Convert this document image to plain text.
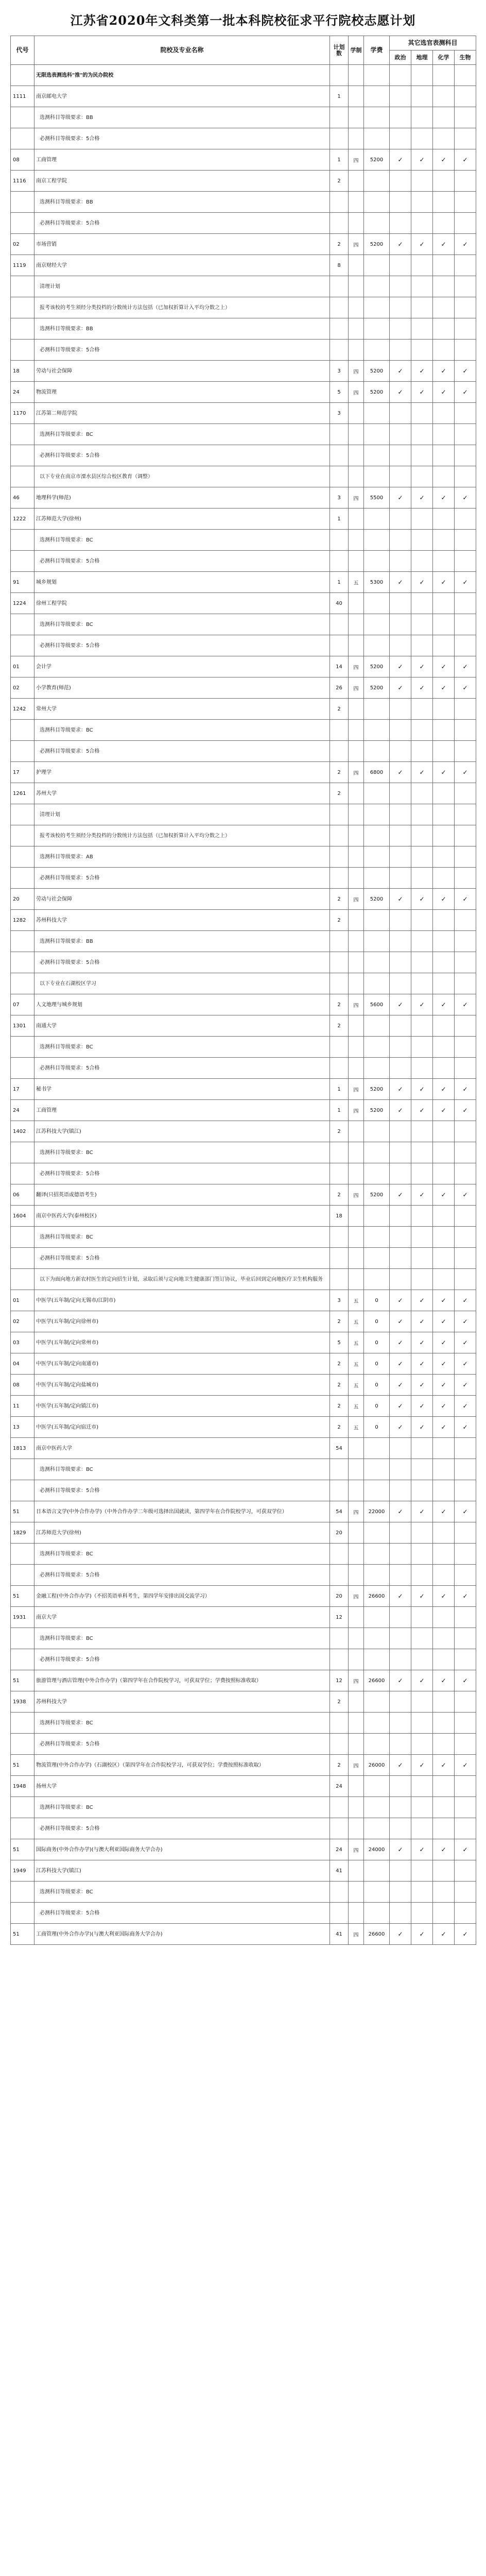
江苏省2020年文科类第一批本科院校征求平行院校志愿计划
代号	院校及专业名称	计划数	学制	学费	其它选官表测科目			
					政治	地理	化学	生物
	无限选表测选科"推"的为民办院校							
1111	南京邮电大学	1						
	选测科目等级要求：BB							
	必测科目等级要求：5合格							
08	工商管理	1	四	5200	✓	✓	✓	✓
1116	南京工程学院	2						
	选测科目等级要求：BB							
	必测科目等级要求：5合格							
02	市场营销	2	四	5200	✓	✓	✓	✓
1119	南京财经大学	8						
	清理计划							
	报考该校的考生须经分类投档的分数统计方法包括（已加权折算计入平均分数之上）							
	选测科目等级要求：BB							
	必测科目等级要求：5合格							
18	劳动与社会保障	3	四	5200	✓	✓	✓	✓
24	物流管理	5	四	5200	✓	✓	✓	✓
1170	江苏第二师范学院	3						
	选测科目等级要求：BC							
	必测科目等级要求：5合格							
	以下专业在南京市溧水县区综合校区教育（调整）							
46	地理科学(师范)	3	四	5500	✓	✓	✓	✓
1222	江苏师范大学(徐州)	1						
	选测科目等级要求：BC							
	必测科目等级要求：5合格							
91	城乡规划	1	五	5300	✓	✓	✓	✓
1224	徐州工程学院	40						
	选测科目等级要求：BC							
	必测科目等级要求：5合格							
01	会计学	14	四	5200	✓	✓	✓	✓
02	小学教育(师范)	26	四	5200	✓	✓	✓	✓
1242	常州大学	2						
	选测科目等级要求：BC							
	必测科目等级要求：5合格							
17	护理学	2	四	6800	✓	✓	✓	✓
1261	苏州大学	2						
	清理计划							
	报考该校的考生须经分类投档的分数统计方法包括（已加权折算计入平均分数之上）							
	选测科目等级要求：AB							
	必测科目等级要求：5合格							
20	劳动与社会保障	2	四	5200	✓	✓	✓	✓
1282	苏州科技大学	2						
	选测科目等级要求：BB							
	必测科目等级要求：5合格							
	以下专业在石湖校区学习							
07	人文地理与城乡规划	2	四	5600	✓	✓	✓	✓
1301	南通大学	2						
	选测科目等级要求：BC							
	必测科目等级要求：5合格							
17	秘书学	1	四	5200	✓	✓	✓	✓
24	工商管理	1	四	5200	✓	✓	✓	✓
1402	江苏科技大学(镇江)	2						
	选测科目等级要求：BC							
	必测科目等级要求：5合格							
06	翻译(只招英语或德语考生)	2	四	5200	✓	✓	✓	✓
1604	南京中医药大学(泰州校区)	18						
	选测科目等级要求：BC							
	必测科目等级要求：5合格							
	以下为面向地方新农村医生的定向招生计划，录取后须与定向地卫生健康部门签订协议，毕业后回到定向地医疗卫生机构服务							
01	中医学(五年制/定向无锡市/江阴市)	3	五	0	✓	✓	✓	✓
02	中医学(五年制/定向徐州市)	2	五	0	✓	✓	✓	✓
03	中医学(五年制/定向常州市)	5	五	0	✓	✓	✓	✓
04	中医学(五年制/定向南通市)	2	五	0	✓	✓	✓	✓
08	中医学(五年制/定向盐城市)	2	五	0	✓	✓	✓	✓
11	中医学(五年制/定向镇江市)	2	五	0	✓	✓	✓	✓
13	中医学(五年制/定向宿迁市)	2	五	0	✓	✓	✓	✓
1813	南京中医药大学	54						
	选测科目等级要求：BC							
	必测科目等级要求：5合格							
51	日本语言文学(中外合作办学)（中外合作办学二年级可选择出国就读，第四学年在合作院校学习，可获双学位）	54	四	22000	✓	✓	✓	✓
1829	江苏师范大学(徐州)	20						
	选测科目等级要求：BC							
	必测科目等级要求：5合格							
51	金融工程(中外合作办学)（不招英语单科考生，第四学年安排出国交流学习）	20	四	26600	✓	✓	✓	✓
1931	南京大学	12						
	选测科目等级要求：BC							
	必测科目等级要求：5合格							
51	旅游管理与酒店管理(中外合作办学)（第四学年在合作院校学习，可获双学位；学费按照标准收取）	12	四	26600	✓	✓	✓	✓
1938	苏州科技大学	2						
	选测科目等级要求：BC							
	必测科目等级要求：5合格							
51	物流管理(中外合作办学)（石湖校区）（第四学年在合作院校学习，可获双学位；学费按照标准收取）	2	四	26000	✓	✓	✓	✓
1948	扬州大学	24						
	选测科目等级要求：BC							
	必测科目等级要求：5合格							
51	国际商务(中外合作办学)(与澳大利亚国际商务大学合办)	24	四	24000	✓	✓	✓	✓
1949	江苏科技大学(镇江)	41						
	选测科目等级要求：BC							
	必测科目等级要求：5合格							
51	工商管理(中外合作办学)(与澳大利亚国际商务大学合办)	41	四	26600	✓	✓	✓	✓
